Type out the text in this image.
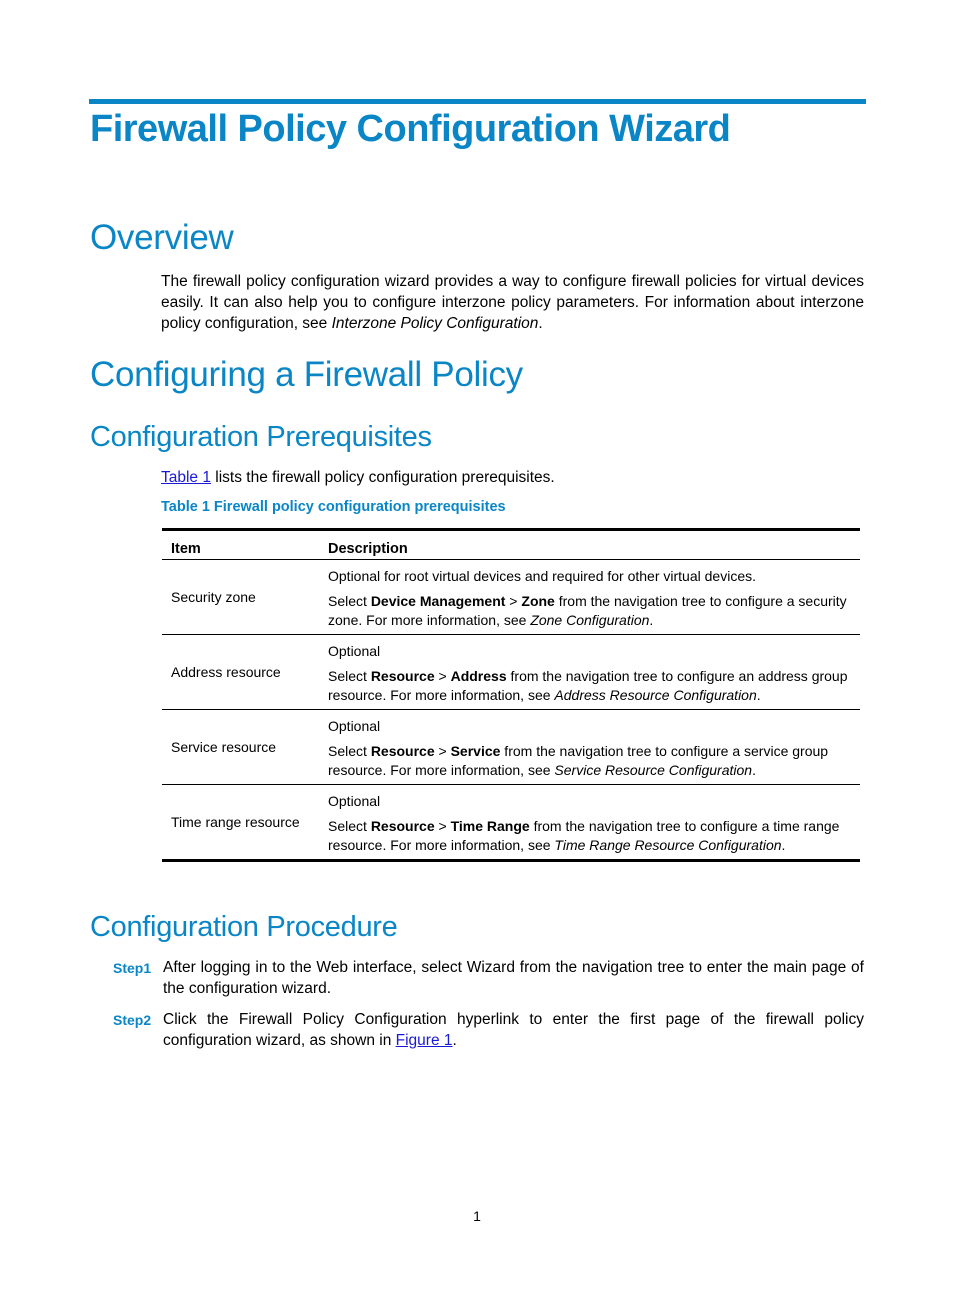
Firewall Policy Configuration Wizard
Overview
The firewall policy configuration wizard provides a way to configure firewall policies for virtual devices easily. It can also help you to configure interzone policy parameters. For information about interzone policy configuration, see Interzone Policy Configuration.
Configuring a Firewall Policy
Configuration Prerequisites
Table 1 lists the firewall policy configuration prerequisites.
Table 1 Firewall policy configuration prerequisites
Item	Description
Security zone	Optional for root virtual devices and required for other virtual devices.
Select Device Management > Zone from the navigation tree to configure a security zone. For more information, see Zone Configuration.

Address resource	Optional
Select Resource > Address from the navigation tree to configure an address group resource. For more information, see Address Resource Configuration.

Service resource	Optional
Select Resource > Service from the navigation tree to configure a service group resource. For more information, see Service Resource Configuration.

Time range resource	Optional
Select Resource > Time Range from the navigation tree to configure a time range resource. For more information, see Time Range Resource Configuration.
Configuration Procedure
Step1 After logging in to the Web interface, select Wizard from the navigation tree to enter the main page of the configuration wizard.
Step2 Click the Firewall Policy Configuration hyperlink to enter the first page of the firewall policy configuration wizard, as shown in Figure 1.
1
